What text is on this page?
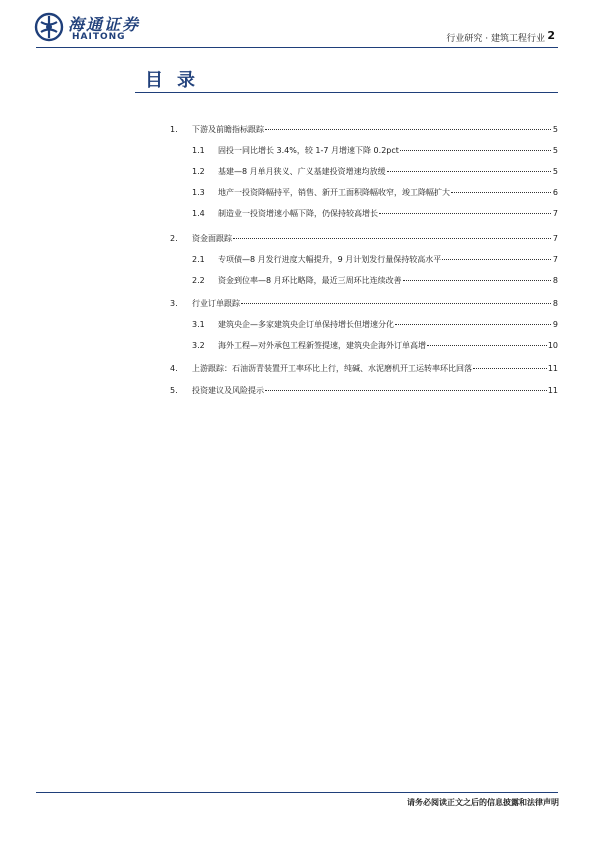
海通证券
HAITONG	行业研究 · 建筑工程行业 2
目录
1.	下游及前瞻指标跟踪	5
1.1	固投一同比增长 3.4%，较 1-7 月增速下降 0.2pct	5
1.2	基建—8 月单月狭义、广义基建投资增速均放缓	5
1.3	地产一投资降幅持平，销售、新开工面积降幅收窄，竣工降幅扩大	6
1.4	制造业一投资增速小幅下降，仍保持较高增长	7
2.	资金面跟踪	7
2.1	专项债—8 月发行进度大幅提升，9 月计划发行量保持较高水平	7
2.2	资金到位率—8 月环比略降，最近三周环比连续改善	8
3.	行业订单跟踪	8
3.1	建筑央企—多家建筑央企订单保持增长但增速分化	9
3.2	海外工程—对外承包工程新签提速，建筑央企海外订单高增	10
4.	上游跟踪：石油沥青装置开工率环比上行，纯碱、水泥磨机开工运转率环比回落	11
5.	投资建议及风险提示	11
请务必阅读正文之后的信息披露和法律声明
